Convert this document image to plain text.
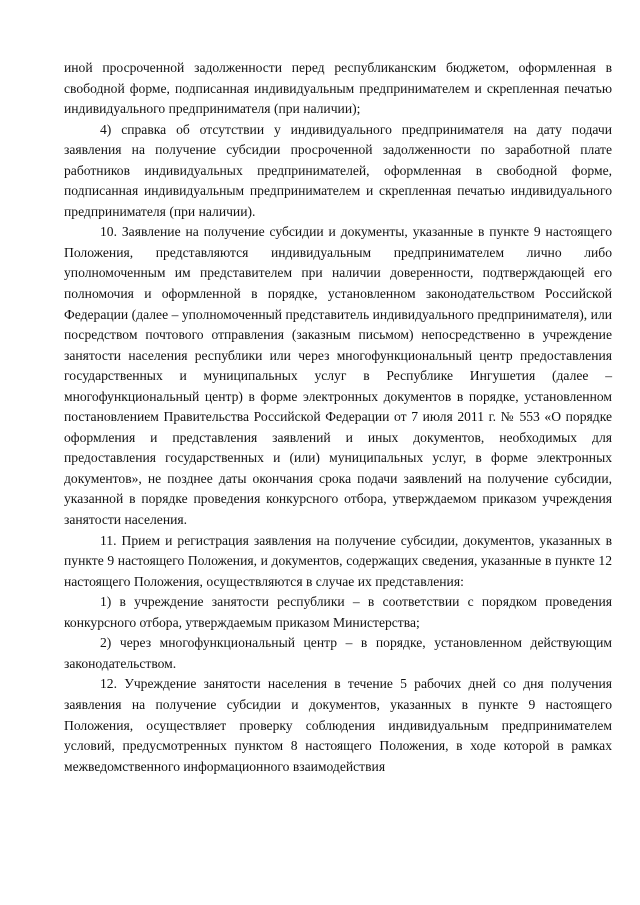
иной просроченной задолженности перед республиканским бюджетом, оформленная в свободной форме, подписанная индивидуальным предпринимателем и скрепленная печатью индивидуального предпринимателя (при наличии);

4) справка об отсутствии у индивидуального предпринимателя на дату подачи заявления на получение субсидии просроченной задолженности по заработной плате работников индивидуальных предпринимателей, оформленная в свободной форме, подписанная индивидуальным предпринимателем и скрепленная печатью индивидуального предпринимателя (при наличии).

10. Заявление на получение субсидии и документы, указанные в пункте 9 настоящего Положения, представляются индивидуальным предпринимателем лично либо уполномоченным им представителем при наличии доверенности, подтверждающей его полномочия и оформленной в порядке, установленном законодательством Российской Федерации (далее – уполномоченный представитель индивидуального предпринимателя), или посредством почтового отправления (заказным письмом) непосредственно в учреждение занятости населения республики или через многофункциональный центр предоставления государственных и муниципальных услуг в Республике Ингушетия (далее – многофункциональный центр) в форме электронных документов в порядке, установленном постановлением Правительства Российской Федерации от 7 июля 2011 г. № 553 «О порядке оформления и представления заявлений и иных документов, необходимых для предоставления государственных и (или) муниципальных услуг, в форме электронных документов», не позднее даты окончания срока подачи заявлений на получение субсидии, указанной в порядке проведения конкурсного отбора, утверждаемом приказом учреждения занятости населения.

11. Прием и регистрация заявления на получение субсидии, документов, указанных в пункте 9 настоящего Положения, и документов, содержащих сведения, указанные в пункте 12 настоящего Положения, осуществляются в случае их представления:

1) в учреждение занятости республики – в соответствии с порядком проведения конкурсного отбора, утверждаемым приказом Министерства;

2) через многофункциональный центр – в порядке, установленном действующим законодательством.

12. Учреждение занятости населения в течение 5 рабочих дней со дня получения заявления на получение субсидии и документов, указанных в пункте 9 настоящего Положения, осуществляет проверку соблюдения индивидуальным предпринимателем условий, предусмотренных пунктом 8 настоящего Положения, в ходе которой в рамках межведомственного информационного взаимодействия
